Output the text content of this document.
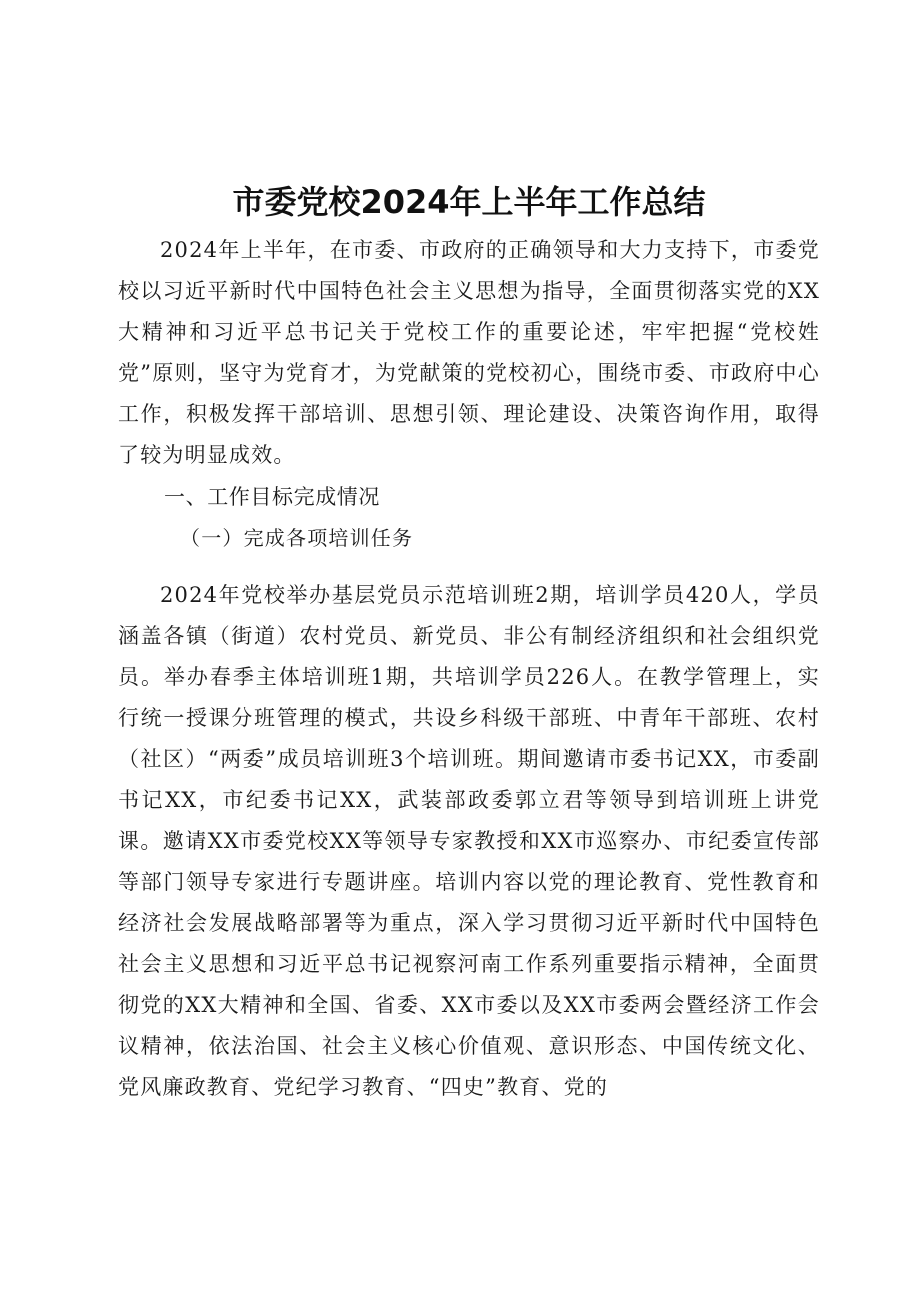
市委党校2024年上半年工作总结

2024年上半年，在市委、市政府的正确领导和大力支持下，市委党校以习近平新时代中国特色社会主义思想为指导，全面贯彻落实党的XX大精神和习近平总书记关于党校工作的重要论述，牢牢把握“党校姓党”原则，坚守为党育才，为党献策的党校初心，围绕市委、市政府中心工作，积极发挥干部培训、思想引领、理论建设、决策咨询作用，取得了较为明显成效。

一、工作目标完成情况
（一）完成各项培训任务

2024年党校举办基层党员示范培训班2期，培训学员420人，学员涵盖各镇（街道）农村党员、新党员、非公有制经济组织和社会组织党员。举办春季主体培训班1期，共培训学员226人。在教学管理上，实行统一授课分班管理的模式，共设乡科级干部班、中青年干部班、农村（社区）“两委”成员培训班3个培训班。期间邀请市委书记XX，市委副书记XX，市纪委书记XX，武装部政委郭立君等领导到培训班上讲党课。邀请XX市委党校XX等领导专家教授和XX市巡察办、市纪委宣传部等部门领导专家进行专题讲座。培训内容以党的理论教育、党性教育和经济社会发展战略部署等为重点，深入学习贯彻习近平新时代中国特色社会主义思想和习近平总书记视察河南工作系列重要指示精神，全面贯彻党的XX大精神和全国、省委、XX市委以及XX市委两会暨经济工作会议精神，依法治国、社会主义核心价值观、意识形态、中国传统文化、党风廉政教育、党纪学习教育、“四史”教育、党的
